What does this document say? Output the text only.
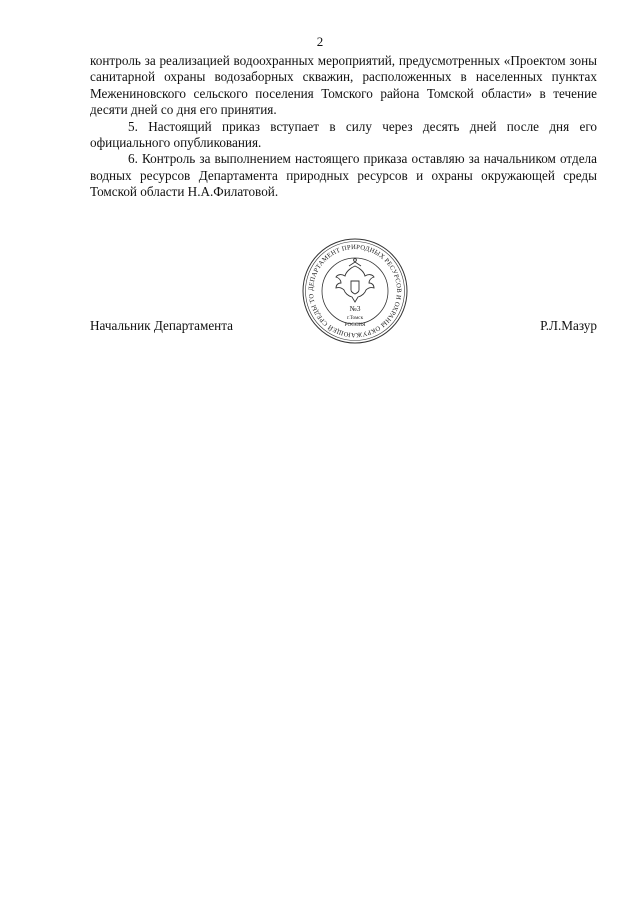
2

контроль за реализацией водоохранных мероприятий, предусмотренных «Проектом зоны санитарной охраны водозаборных скважин, расположенных в населенных пунктах Межениновского сельского поселения Томского района Томской области» в течение десяти дней со дня его принятия.

5. Настоящий приказ вступает в силу через десять дней после дня его официального опубликования.

6. Контроль за выполнением настоящего приказа оставляю за начальником отдела водных ресурсов Департамента природных ресурсов и охраны окружающей среды Томской области Н.А.Филатовой.

ДЕПАРТАМЕНТ ПРИРОДНЫХ РЕСУРСОВ И ОХРАНЫ ОКРУЖАЮЩЕЙ СРЕДЫ ТО
№3
г.Томск
РОССИЯ
Начальник Департамента	Р.Л.Мазур
